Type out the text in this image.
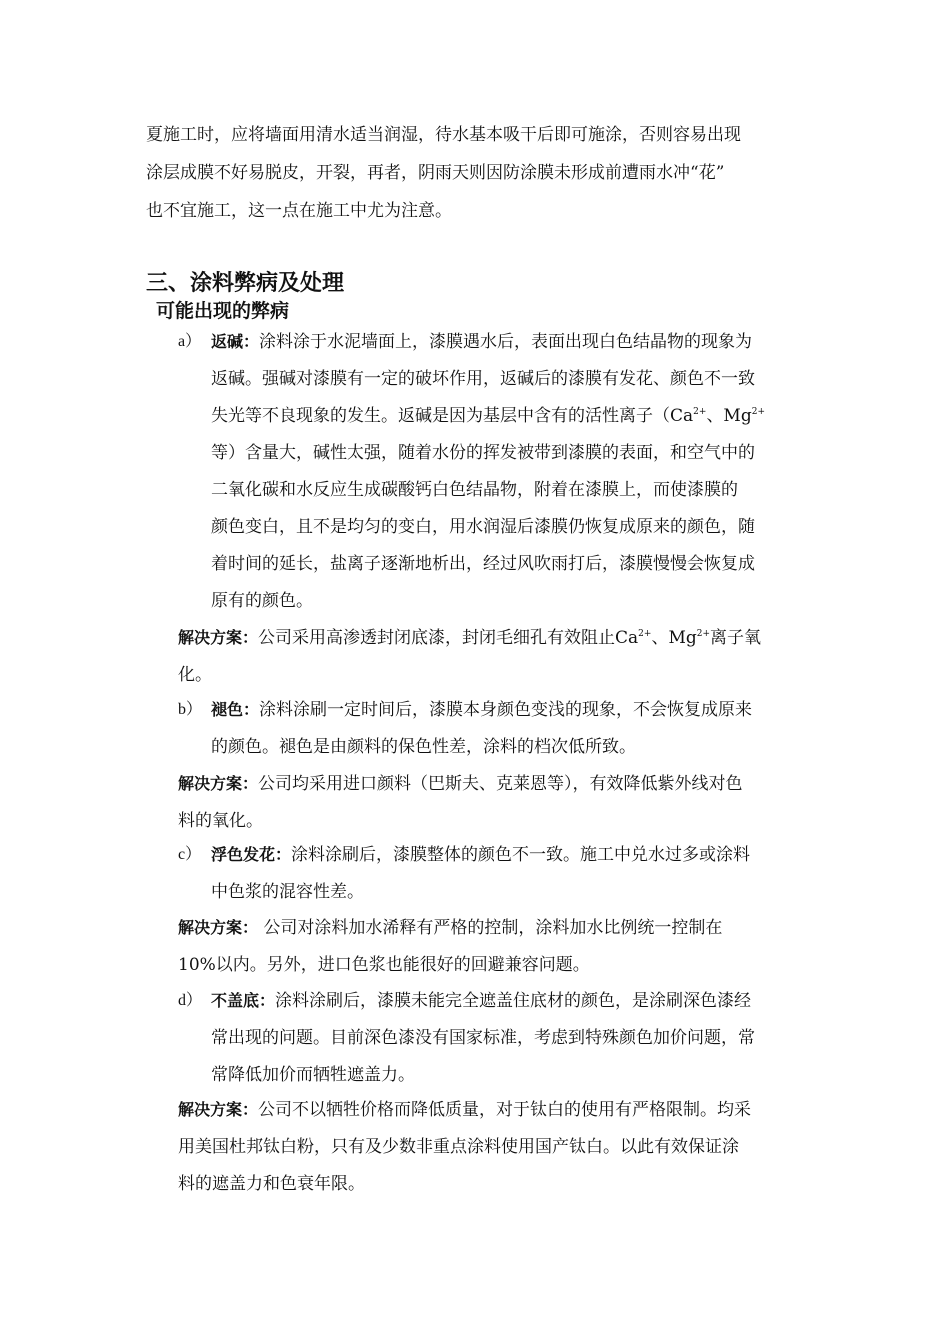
夏施工时，应将墙面用清水适当润湿，待水基本吸干后即可施涂，否则容易出现
涂层成膜不好易脱皮，开裂，再者，阴雨天则因防涂膜未形成前遭雨水冲“花”
也不宜施工，这一点在施工中尤为注意。
三、涂料弊病及处理
可能出现的弊病
a） 返碱：涂料涂于水泥墙面上，漆膜遇水后，表面出现白色结晶物的现象为
返碱。强碱对漆膜有一定的破坏作用，返碱后的漆膜有发花、颜色不一致
失光等不良现象的发生。返碱是因为基层中含有的活性离子（$Ca^{2+}$、$Mg^{2+}$
等）含量大，碱性太强，随着水份的挥发被带到漆膜的表面，和空气中的
二氧化碳和水反应生成碳酸钙白色结晶物，附着在漆膜上，而使漆膜的
颜色变白，且不是均匀的变白，用水润湿后漆膜仍恢复成原来的颜色，随
着时间的延长，盐离子逐渐地析出，经过风吹雨打后，漆膜慢慢会恢复成
原有的颜色。
解决方案：公司采用高渗透封闭底漆，封闭毛细孔有效阻止$Ca^{2+}$、$Mg^{2+}$离子氧
化。
b） 褪色：涂料涂刷一定时间后，漆膜本身颜色变浅的现象，不会恢复成原来
的颜色。褪色是由颜料的保色性差，涂料的档次低所致。
解决方案：公司均采用进口颜料（巴斯夫、克莱恩等），有效降低紫外线对色
料的氧化。
c） 浮色发花：涂料涂刷后，漆膜整体的颜色不一致。施工中兑水过多或涂料
中色浆的混容性差。
解决方案： 公司对涂料加水浠释有严格的控制，涂料加水比例统一控制在
10%以内。另外，进口色浆也能很好的回避兼容问题。
d） 不盖底：涂料涂刷后，漆膜未能完全遮盖住底材的颜色，是涂刷深色漆经
常出现的问题。目前深色漆没有国家标准，考虑到特殊颜色加价问题，常
常降低加价而牺牲遮盖力。
解决方案：公司不以牺牲价格而降低质量，对于钛白的使用有严格限制。均采
用美国杜邦钛白粉，只有及少数非重点涂料使用国产钛白。以此有效保证涂
料的遮盖力和色衰年限。
